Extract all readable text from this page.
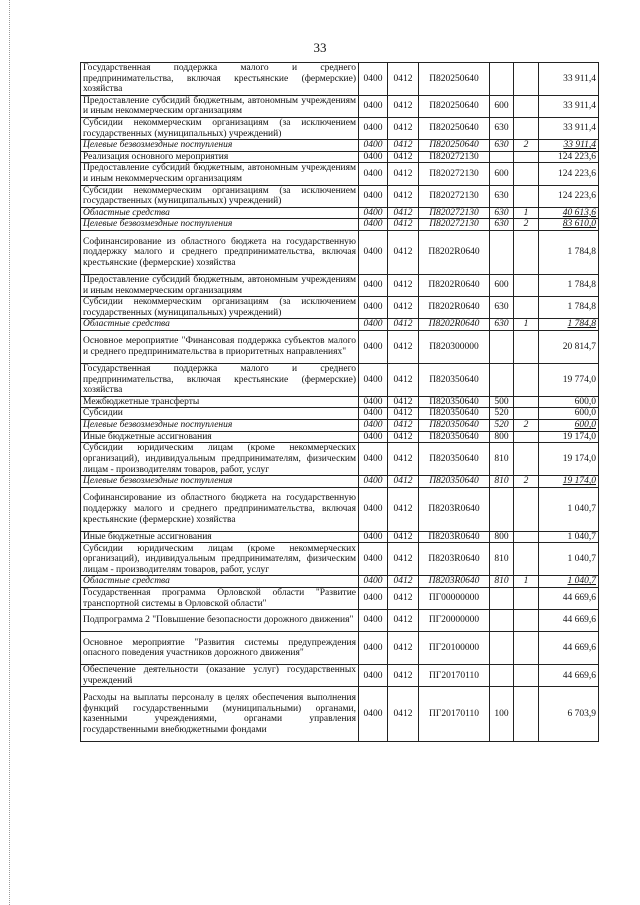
33
Государственная поддержка малого и среднего предпринимательства, включая крестьянские (фермерские) хозяйства	0400	0412	П820250640			33 911,4
Предоставление субсидий бюджетным, автономным учреждениям и иным некоммерческим организациям	0400	0412	П820250640	600		33 911,4
Субсидии некоммерческим организациям (за исключением государственных (муниципальных) учреждений)	0400	0412	П820250640	630		33 911,4
Целевые безвозмездные поступления	0400	0412	П820250640	630	2	33 911,4
Реализация основного мероприятия	0400	0412	П820272130			124 223,6
Предоставление субсидий бюджетным, автономным учреждениям и иным некоммерческим организациям	0400	0412	П820272130	600		124 223,6
Субсидии некоммерческим организациям (за исключением государственных (муниципальных) учреждений)	0400	0412	П820272130	630		124 223,6
Областные средства	0400	0412	П820272130	630	1	40 613,6
Целевые безвозмездные поступления	0400	0412	П820272130	630	2	83 610,0
Софинансирование из областного бюджета на государственную поддержку малого и среднего предпринимательства, включая крестьянские (фермерские) хозяйства	0400	0412	П8202R0640			1 784,8
Предоставление субсидий бюджетным, автономным учреждениям и иным некоммерческим организациям	0400	0412	П8202R0640	600		1 784,8
Субсидии некоммерческим организациям (за исключением государственных (муниципальных) учреждений)	0400	0412	П8202R0640	630		1 784,8
Областные средства	0400	0412	П8202R0640	630	1	1 784,8
Основное мероприятие "Финансовая поддержка субъектов малого и среднего предпринимательства в приоритетных направлениях"	0400	0412	П820300000			20 814,7
Государственная поддержка малого и среднего предпринимательства, включая крестьянские (фермерские) хозяйства	0400	0412	П820350640			19 774,0
Межбюджетные трансферты	0400	0412	П820350640	500		600,0
Субсидии	0400	0412	П820350640	520		600,0
Целевые безвозмездные поступления	0400	0412	П820350640	520	2	600,0
Иные бюджетные ассигнования	0400	0412	П820350640	800		19 174,0
Субсидии юридическим лицам (кроме некоммерческих организаций), индивидуальным предпринимателям, физическим лицам - производителям товаров, работ, услуг	0400	0412	П820350640	810		19 174,0
Целевые безвозмездные поступления	0400	0412	П820350640	810	2	19 174,0
Софинансирование из областного бюджета на государственную поддержку малого и среднего предпринимательства, включая крестьянские (фермерские) хозяйства	0400	0412	П8203R0640			1 040,7
Иные бюджетные ассигнования	0400	0412	П8203R0640	800		1 040,7
Субсидии юридическим лицам (кроме некоммерческих организаций), индивидуальным предпринимателям, физическим лицам - производителям товаров, работ, услуг	0400	0412	П8203R0640	810		1 040,7
Областные средства	0400	0412	П8203R0640	810	1	1 040,7
Государственная программа Орловской области "Развитие транспортной системы в Орловской области"	0400	0412	ПГ00000000			44 669,6
Подпрограмма 2 "Повышение безопасности дорожного движения"	0400	0412	ПГ20000000			44 669,6
Основное мероприятие "Развития системы предупреждения опасного поведения участников дорожного движения"	0400	0412	ПГ20100000			44 669,6
Обеспечение деятельности (оказание услуг) государственных учреждений	0400	0412	ПГ20170110			44 669,6
Расходы на выплаты персоналу в целях обеспечения выполнения функций государственными (муниципальными) органами, казенными учреждениями, органами управления государственными внебюджетными фондами	0400	0412	ПГ20170110	100		6 703,9
